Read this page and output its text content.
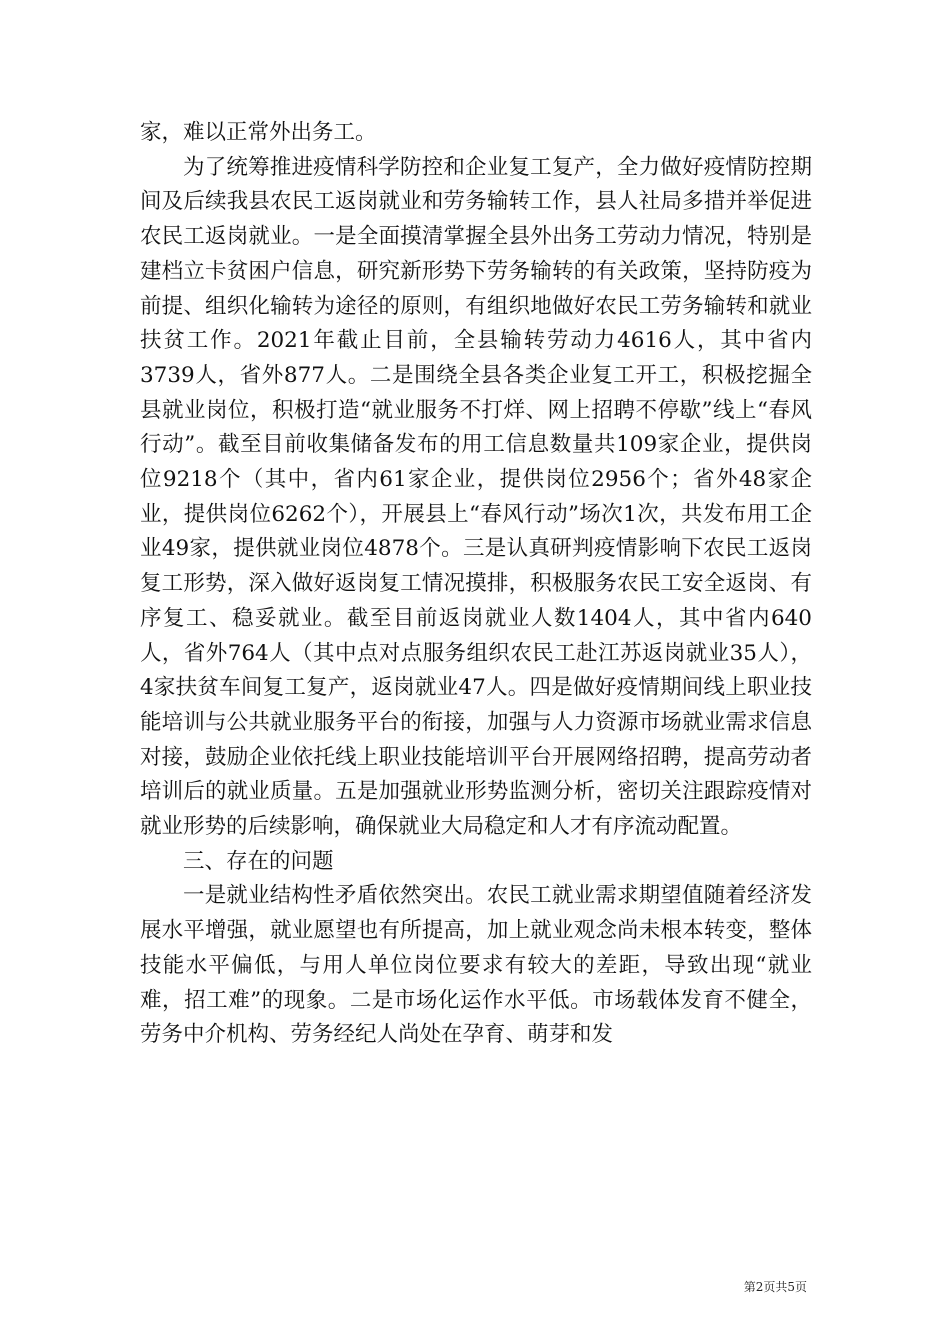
家，难以正常外出务工。

为了统筹推进疫情科学防控和企业复工复产，全力做好疫情防控期间及后续我县农民工返岗就业和劳务输转工作，县人社局多措并举促进农民工返岗就业。一是全面摸清掌握全县外出务工劳动力情况，特别是建档立卡贫困户信息，研究新形势下劳务输转的有关政策，坚持防疫为前提、组织化输转为途径的原则，有组织地做好农民工劳务输转和就业扶贫工作。2021年截止目前，全县输转劳动力4616人，其中省内3739人，省外877人。二是围绕全县各类企业复工开工，积极挖掘全县就业岗位，积极打造“就业服务不打烊、网上招聘不停歇”线上“春风行动”。截至目前收集储备发布的用工信息数量共109家企业，提供岗位9218个（其中，省内61家企业，提供岗位2956个；省外48家企业，提供岗位6262个），开展县上“春风行动”场次1次，共发布用工企业49家，提供就业岗位4878个。三是认真研判疫情影响下农民工返岗复工形势，深入做好返岗复工情况摸排，积极服务农民工安全返岗、有序复工、稳妥就业。截至目前返岗就业人数1404人，其中省内640人，省外764人（其中点对点服务组织农民工赴江苏返岗就业35人），4家扶贫车间复工复产，返岗就业47人。四是做好疫情期间线上职业技能培训与公共就业服务平台的衔接，加强与人力资源市场就业需求信息对接，鼓励企业依托线上职业技能培训平台开展网络招聘，提高劳动者培训后的就业质量。五是加强就业形势监测分析，密切关注跟踪疫情对就业形势的后续影响，确保就业大局稳定和人才有序流动配置。

三、存在的问题

一是就业结构性矛盾依然突出。农民工就业需求期望值随着经济发展水平增强，就业愿望也有所提高，加上就业观念尚未根本转变，整体技能水平偏低，与用人单位岗位要求有较大的差距，导致出现“就业难，招工难”的现象。二是市场化运作水平低。市场载体发育不健全，劳务中介机构、劳务经纪人尚处在孕育、萌芽和发

第2页共5页
